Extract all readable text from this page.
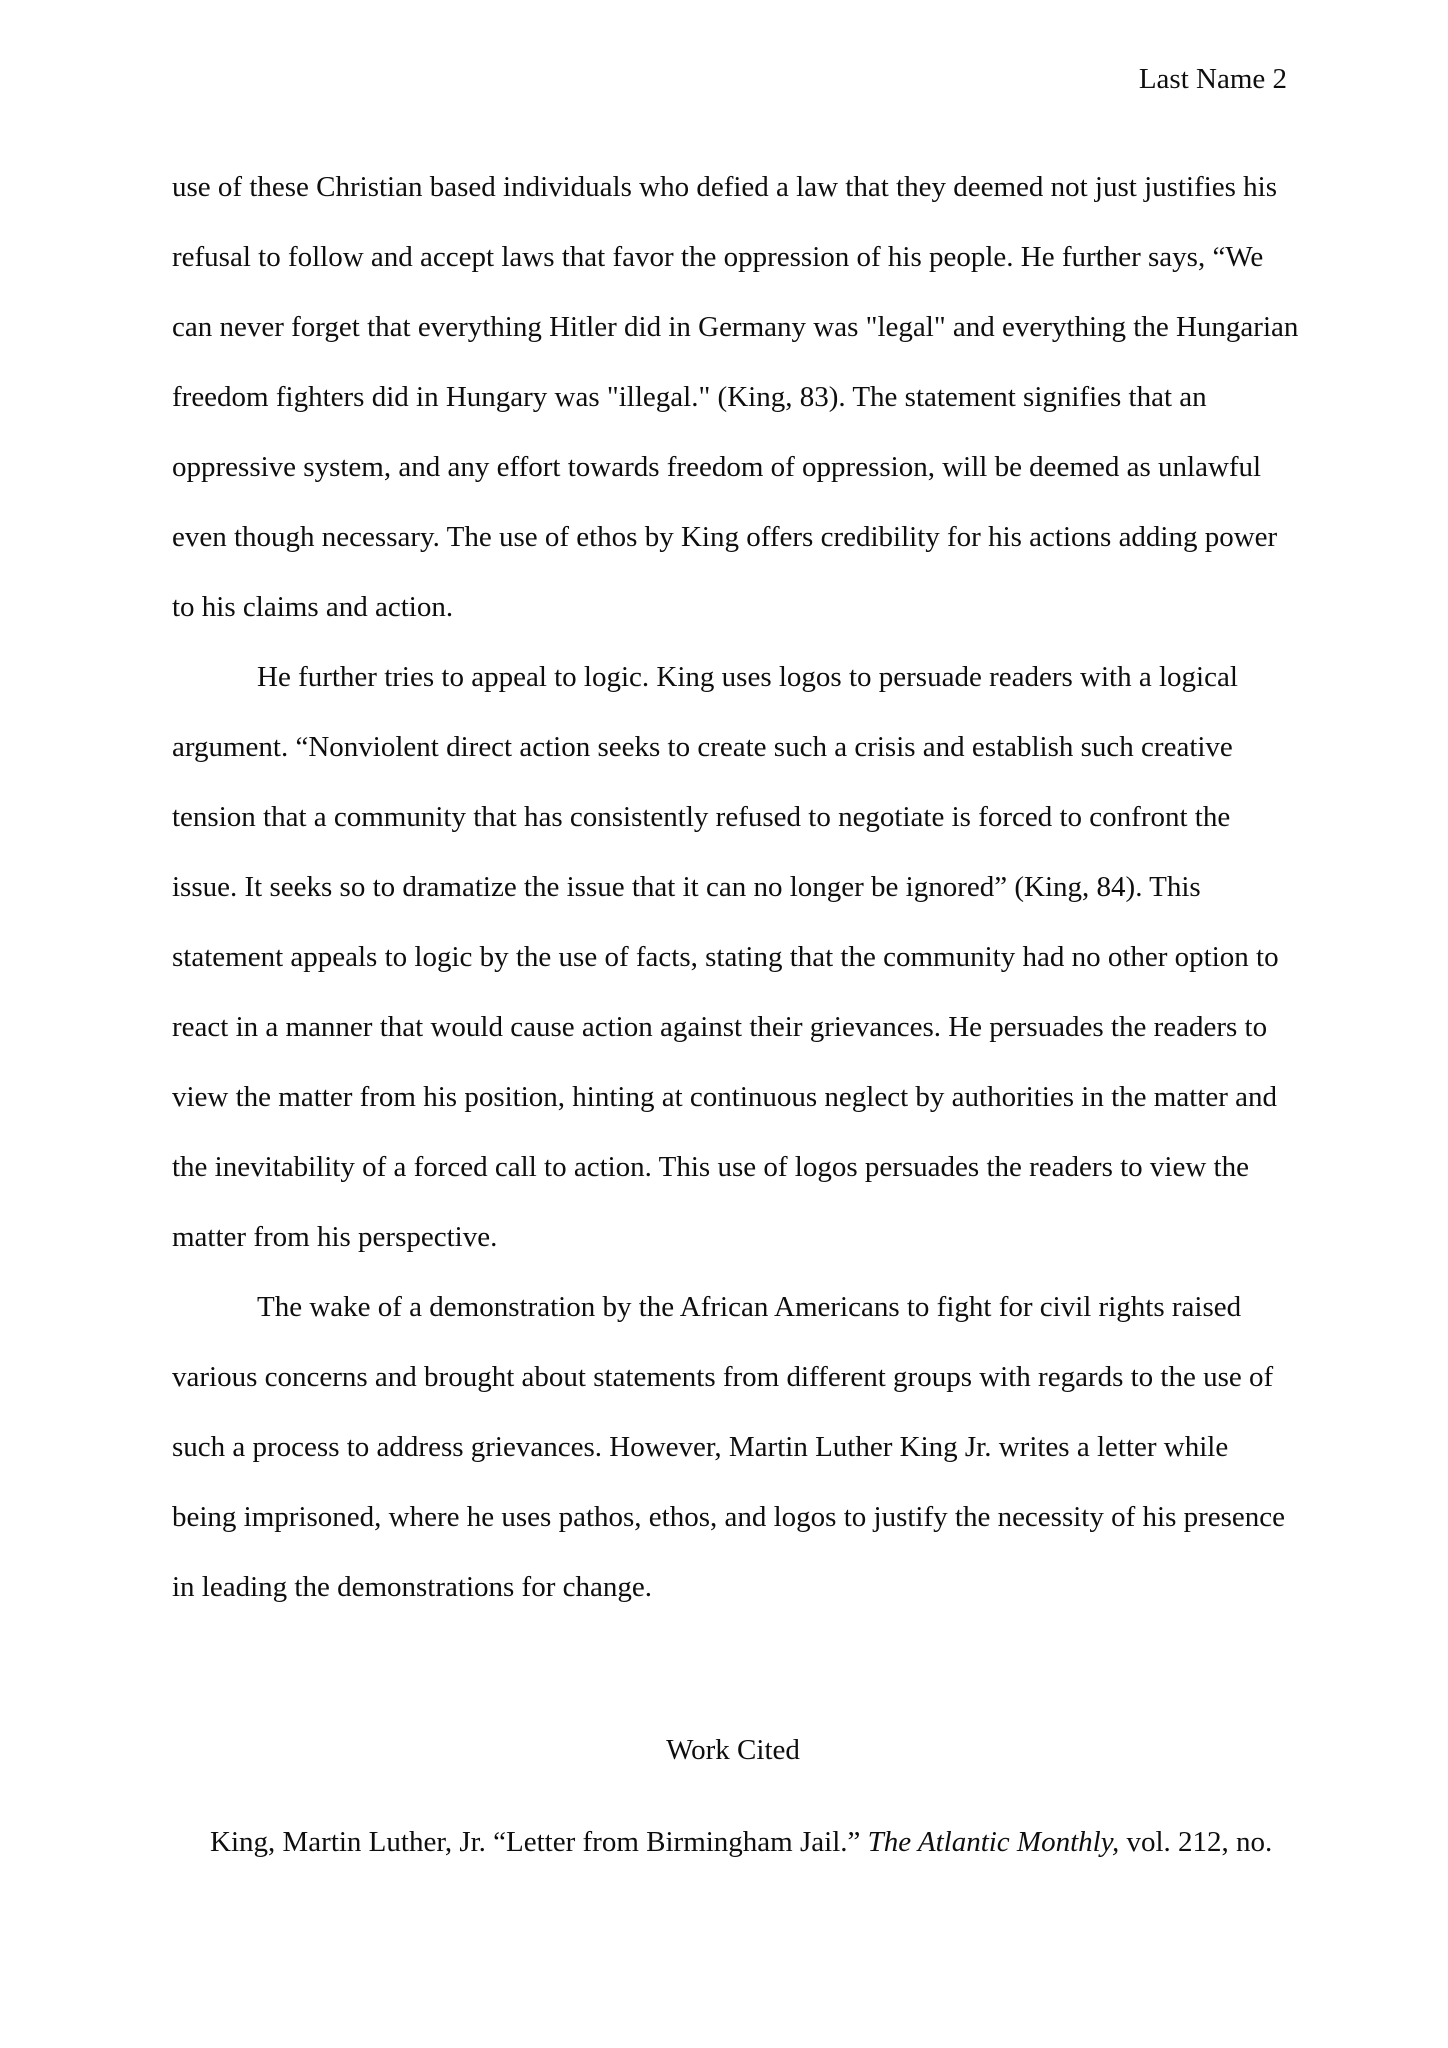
Last Name 2
use of these Christian based individuals who defied a law that they deemed not just justifies his
refusal to follow and accept laws that favor the oppression of his people. He further says, “We
can never forget that everything Hitler did in Germany was "legal" and everything the Hungarian
freedom fighters did in Hungary was "illegal." (King, 83). The statement signifies that an
oppressive system, and any effort towards freedom of oppression, will be deemed as unlawful
even though necessary. The use of ethos by King offers credibility for his actions adding power
to his claims and action.
He further tries to appeal to logic. King uses logos to persuade readers with a logical
argument. “Nonviolent direct action seeks to create such a crisis and establish such creative
tension that a community that has consistently refused to negotiate is forced to confront the
issue. It seeks so to dramatize the issue that it can no longer be ignored” (King, 84). This
statement appeals to logic by the use of facts, stating that the community had no other option to
react in a manner that would cause action against their grievances. He persuades the readers to
view the matter from his position, hinting at continuous neglect by authorities in the matter and
the inevitability of a forced call to action. This use of logos persuades the readers to view the
matter from his perspective.
The wake of a demonstration by the African Americans to fight for civil rights raised
various concerns and brought about statements from different groups with regards to the use of
such a process to address grievances. However, Martin Luther King Jr. writes a letter while
being imprisoned, where he uses pathos, ethos, and logos to justify the necessity of his presence
in leading the demonstrations for change.
Work Cited
King, Martin Luther, Jr. “Letter from Birmingham Jail.” The Atlantic Monthly, vol. 212, no.
